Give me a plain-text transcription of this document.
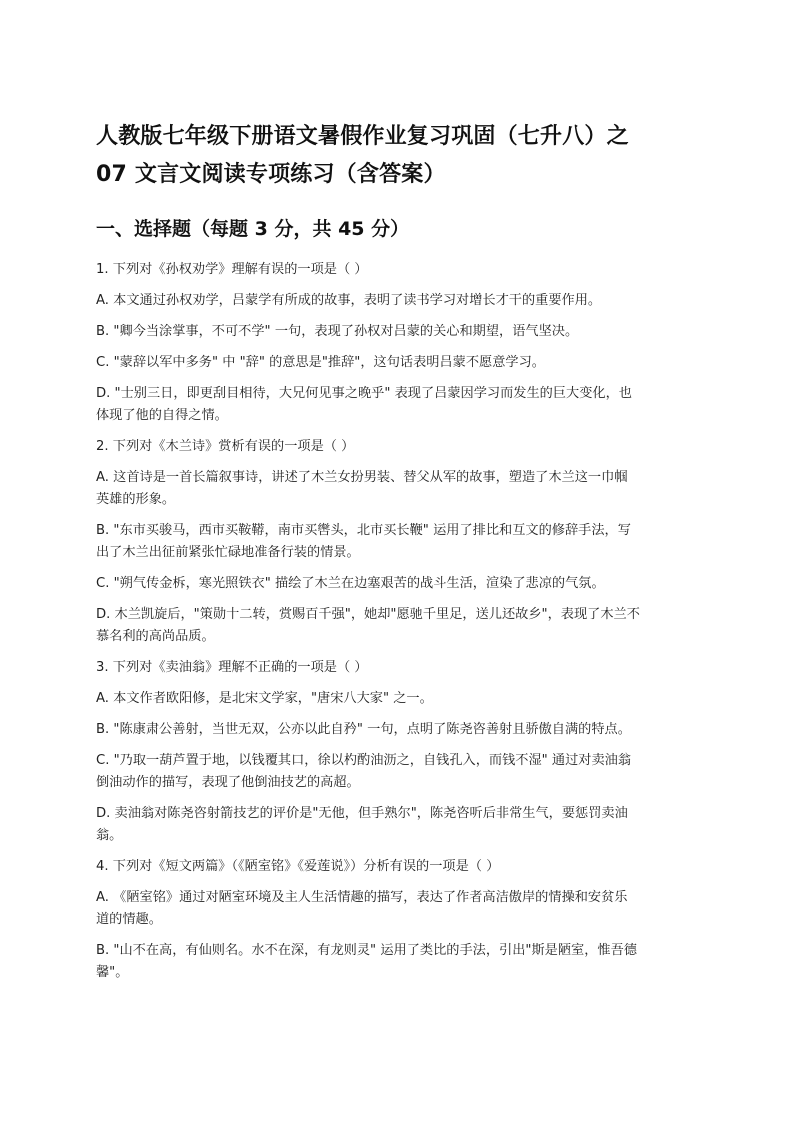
人教版七年级下册语文暑假作业复习巩固（七升八）之
07 文言文阅读专项练习（含答案）
一、选择题（每题 3 分，共 45 分）
1. 下列对《孙权劝学》理解有误的一项是（ ）
A. 本文通过孙权劝学，吕蒙学有所成的故事，表明了读书学习对增长才干的重要作用。
B. "卿今当涂掌事，不可不学" 一句，表现了孙权对吕蒙的关心和期望，语气坚决。
C. "蒙辞以军中多务" 中 "辞" 的意思是"推辞"，这句话表明吕蒙不愿意学习。
D. "士别三日，即更刮目相待，大兄何见事之晚乎" 表现了吕蒙因学习而发生的巨大变化，也
体现了他的自得之情。
2. 下列对《木兰诗》赏析有误的一项是（ ）
A. 这首诗是一首长篇叙事诗，讲述了木兰女扮男装、替父从军的故事，塑造了木兰这一巾帼
英雄的形象。
B. "东市买骏马，西市买鞍鞯，南市买辔头，北市买长鞭" 运用了排比和互文的修辞手法，写
出了木兰出征前紧张忙碌地准备行装的情景。
C. "朔气传金柝，寒光照铁衣" 描绘了木兰在边塞艰苦的战斗生活，渲染了悲凉的气氛。
D. 木兰凯旋后，"策勋十二转，赏赐百千强"，她却"愿驰千里足，送儿还故乡"，表现了木兰不
慕名利的高尚品质。
3. 下列对《卖油翁》理解不正确的一项是（ ）
A. 本文作者欧阳修，是北宋文学家，"唐宋八大家" 之一。
B. "陈康肃公善射，当世无双，公亦以此自矜" 一句，点明了陈尧咨善射且骄傲自满的特点。
C. "乃取一葫芦置于地，以钱覆其口，徐以杓酌油沥之，自钱孔入，而钱不湿" 通过对卖油翁
倒油动作的描写，表现了他倒油技艺的高超。
D. 卖油翁对陈尧咨射箭技艺的评价是"无他，但手熟尔"，陈尧咨听后非常生气，要惩罚卖油
翁。
4. 下列对《短文两篇》（《陋室铭》《爱莲说》）分析有误的一项是（ ）
A. 《陋室铭》通过对陋室环境及主人生活情趣的描写，表达了作者高洁傲岸的情操和安贫乐
道的情趣。
B. "山不在高，有仙则名。水不在深，有龙则灵" 运用了类比的手法，引出"斯是陋室，惟吾德
馨"。
